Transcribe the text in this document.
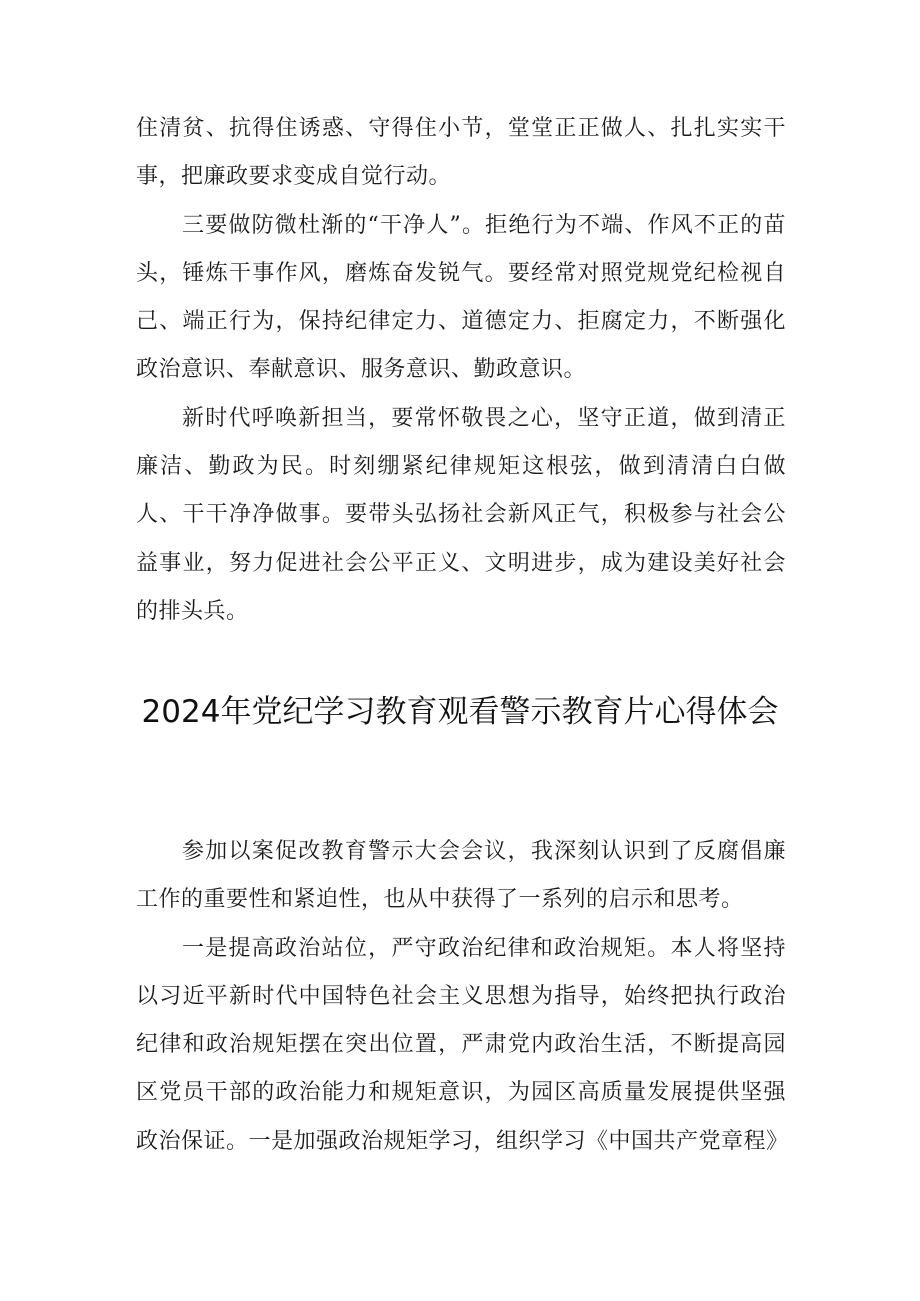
住清贫、抗得住诱惑、守得住小节，堂堂正正做人、扎扎实实干事，把廉政要求变成自觉行动。

三要做防微杜渐的“干净人”。拒绝行为不端、作风不正的苗头，锤炼干事作风，磨炼奋发锐气。要经常对照党规党纪检视自己、端正行为，保持纪律定力、道德定力、拒腐定力，不断强化政治意识、奉献意识、服务意识、勤政意识。

新时代呼唤新担当，要常怀敬畏之心，坚守正道，做到清正廉洁、勤政为民。时刻绷紧纪律规矩这根弦，做到清清白白做人、干干净净做事。要带头弘扬社会新风正气，积极参与社会公益事业，努力促进社会公平正义、文明进步，成为建设美好社会的排头兵。

2024年党纪学习教育观看警示教育片心得体会

参加以案促改教育警示大会会议，我深刻认识到了反腐倡廉工作的重要性和紧迫性，也从中获得了一系列的启示和思考。

一是提高政治站位，严守政治纪律和政治规矩。本人将坚持以习近平新时代中国特色社会主义思想为指导，始终把执行政治纪律和政治规矩摆在突出位置，严肃党内政治生活，不断提高园区党员干部的政治能力和规矩意识，为园区高质量发展提供坚强政治保证。一是加强政治规矩学习，组织学习《中国共产党章程》
